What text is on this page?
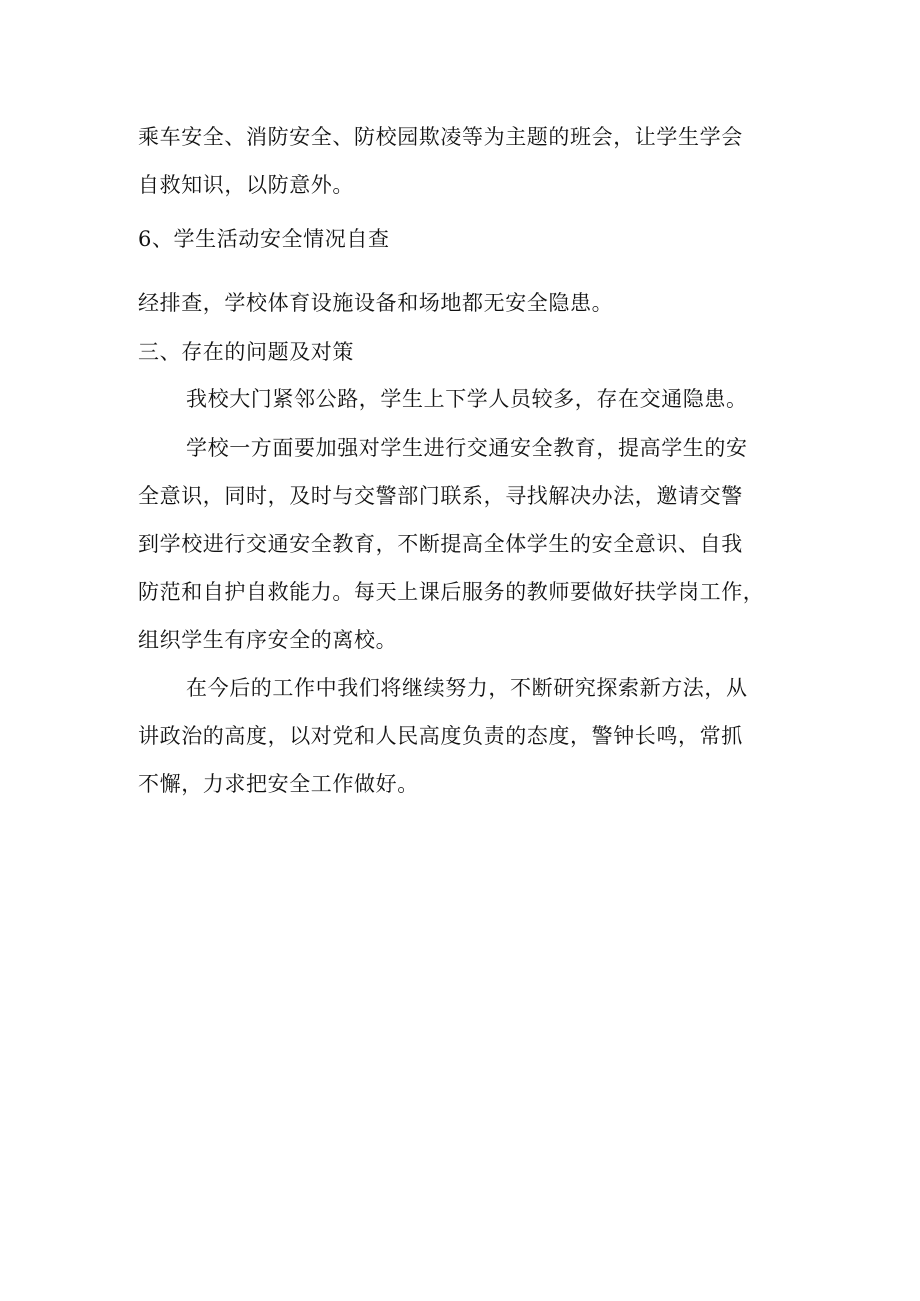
乘车安全、消防安全、防校园欺凌等为主题的班会，让学生学会

自救知识，以防意外。

6、学生活动安全情况自查

经排查，学校体育设施设备和场地都无安全隐患。

三、存在的问题及对策

我校大门紧邻公路，学生上下学人员较多，存在交通隐患。

学校一方面要加强对学生进行交通安全教育，提高学生的安

全意识，同时，及时与交警部门联系，寻找解决办法，邀请交警

到学校进行交通安全教育，不断提高全体学生的安全意识、自我

防范和自护自救能力。每天上课后服务的教师要做好扶学岗工作，

组织学生有序安全的离校。

在今后的工作中我们将继续努力，不断研究探索新方法，从

讲政治的高度，以对党和人民高度负责的态度，警钟长鸣，常抓

不懈，力求把安全工作做好。
